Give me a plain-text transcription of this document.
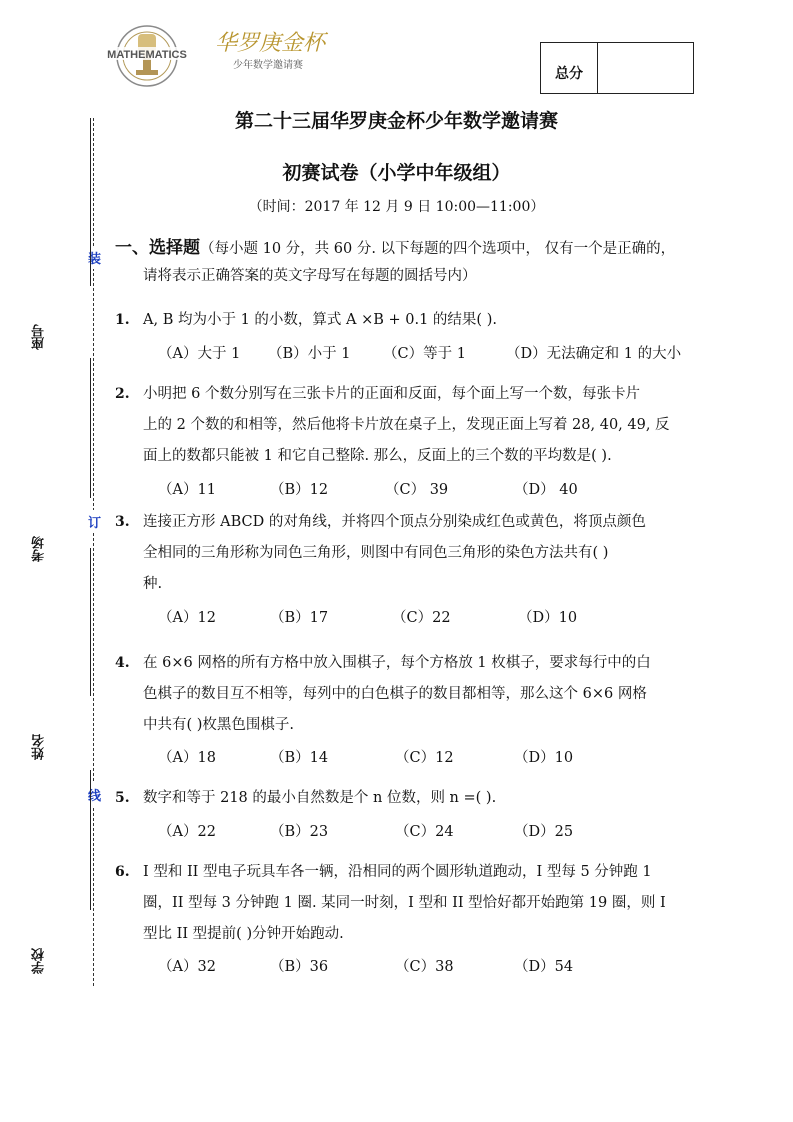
MATHEMATICS 华罗庚金杯
少年数学邀请赛
总分
第二十三届华罗庚金杯少年数学邀请赛
初赛试卷（小学中年级组）
（时间：2017 年 12 月 9 日 10:00—11:00）
装
订
线
座号
考场
姓名
学校
一、选择题（每小题 10 分，共 60 分. 以下每题的四个选项中， 仅有一个是正确的，
请将表示正确答案的英文字母写在每题的圆括号内）
1. A, B 均为小于 1 的小数，算式 A ×B + 0.1 的结果( ).
（A）大于 1 （B）小于 1 （C）等于 1	（D）无法确定和 1 的大小
2. 小明把 6 个数分别写在三张卡片的正面和反面，每个面上写一个数，每张卡片
上的 2 个数的和相等，然后他将卡片放在桌子上，发现正面上写着 28, 40, 49, 反
面上的数都只能被 1 和它自己整除. 那么，反面上的三个数的平均数是( ).
（A）11	（B）12	（C） 39	（D） 40
3. 连接正方形 ABCD 的对角线，并将四个顶点分别染成红色或黄色，将顶点颜色
全相同的三角形称为同色三角形，则图中有同色三角形的染色方法共有( )
种.
（A）12	（B）17	（C）22	（D）10
4. 在 6×6 网格的所有方格中放入围棋子，每个方格放 1 枚棋子，要求每行中的白
色棋子的数目互不相等，每列中的白色棋子的数目都相等，那么这个 6×6 网格
中共有( )枚黑色围棋子.
（A）18	（B）14	（C）12	（D）10
5. 数字和等于 218 的最小自然数是个 n 位数，则 n =( ).
（A）22	（B）23	（C）24	（D）25
6. I 型和 II 型电子玩具车各一辆，沿相同的两个圆形轨道跑动，I 型每 5 分钟跑 1
圈，II 型每 3 分钟跑 1 圈. 某同一时刻，I 型和 II 型恰好都开始跑第 19 圈，则 I
型比 II 型提前( )分钟开始跑动.
（A）32	（B）36	（C）38	（D）54
